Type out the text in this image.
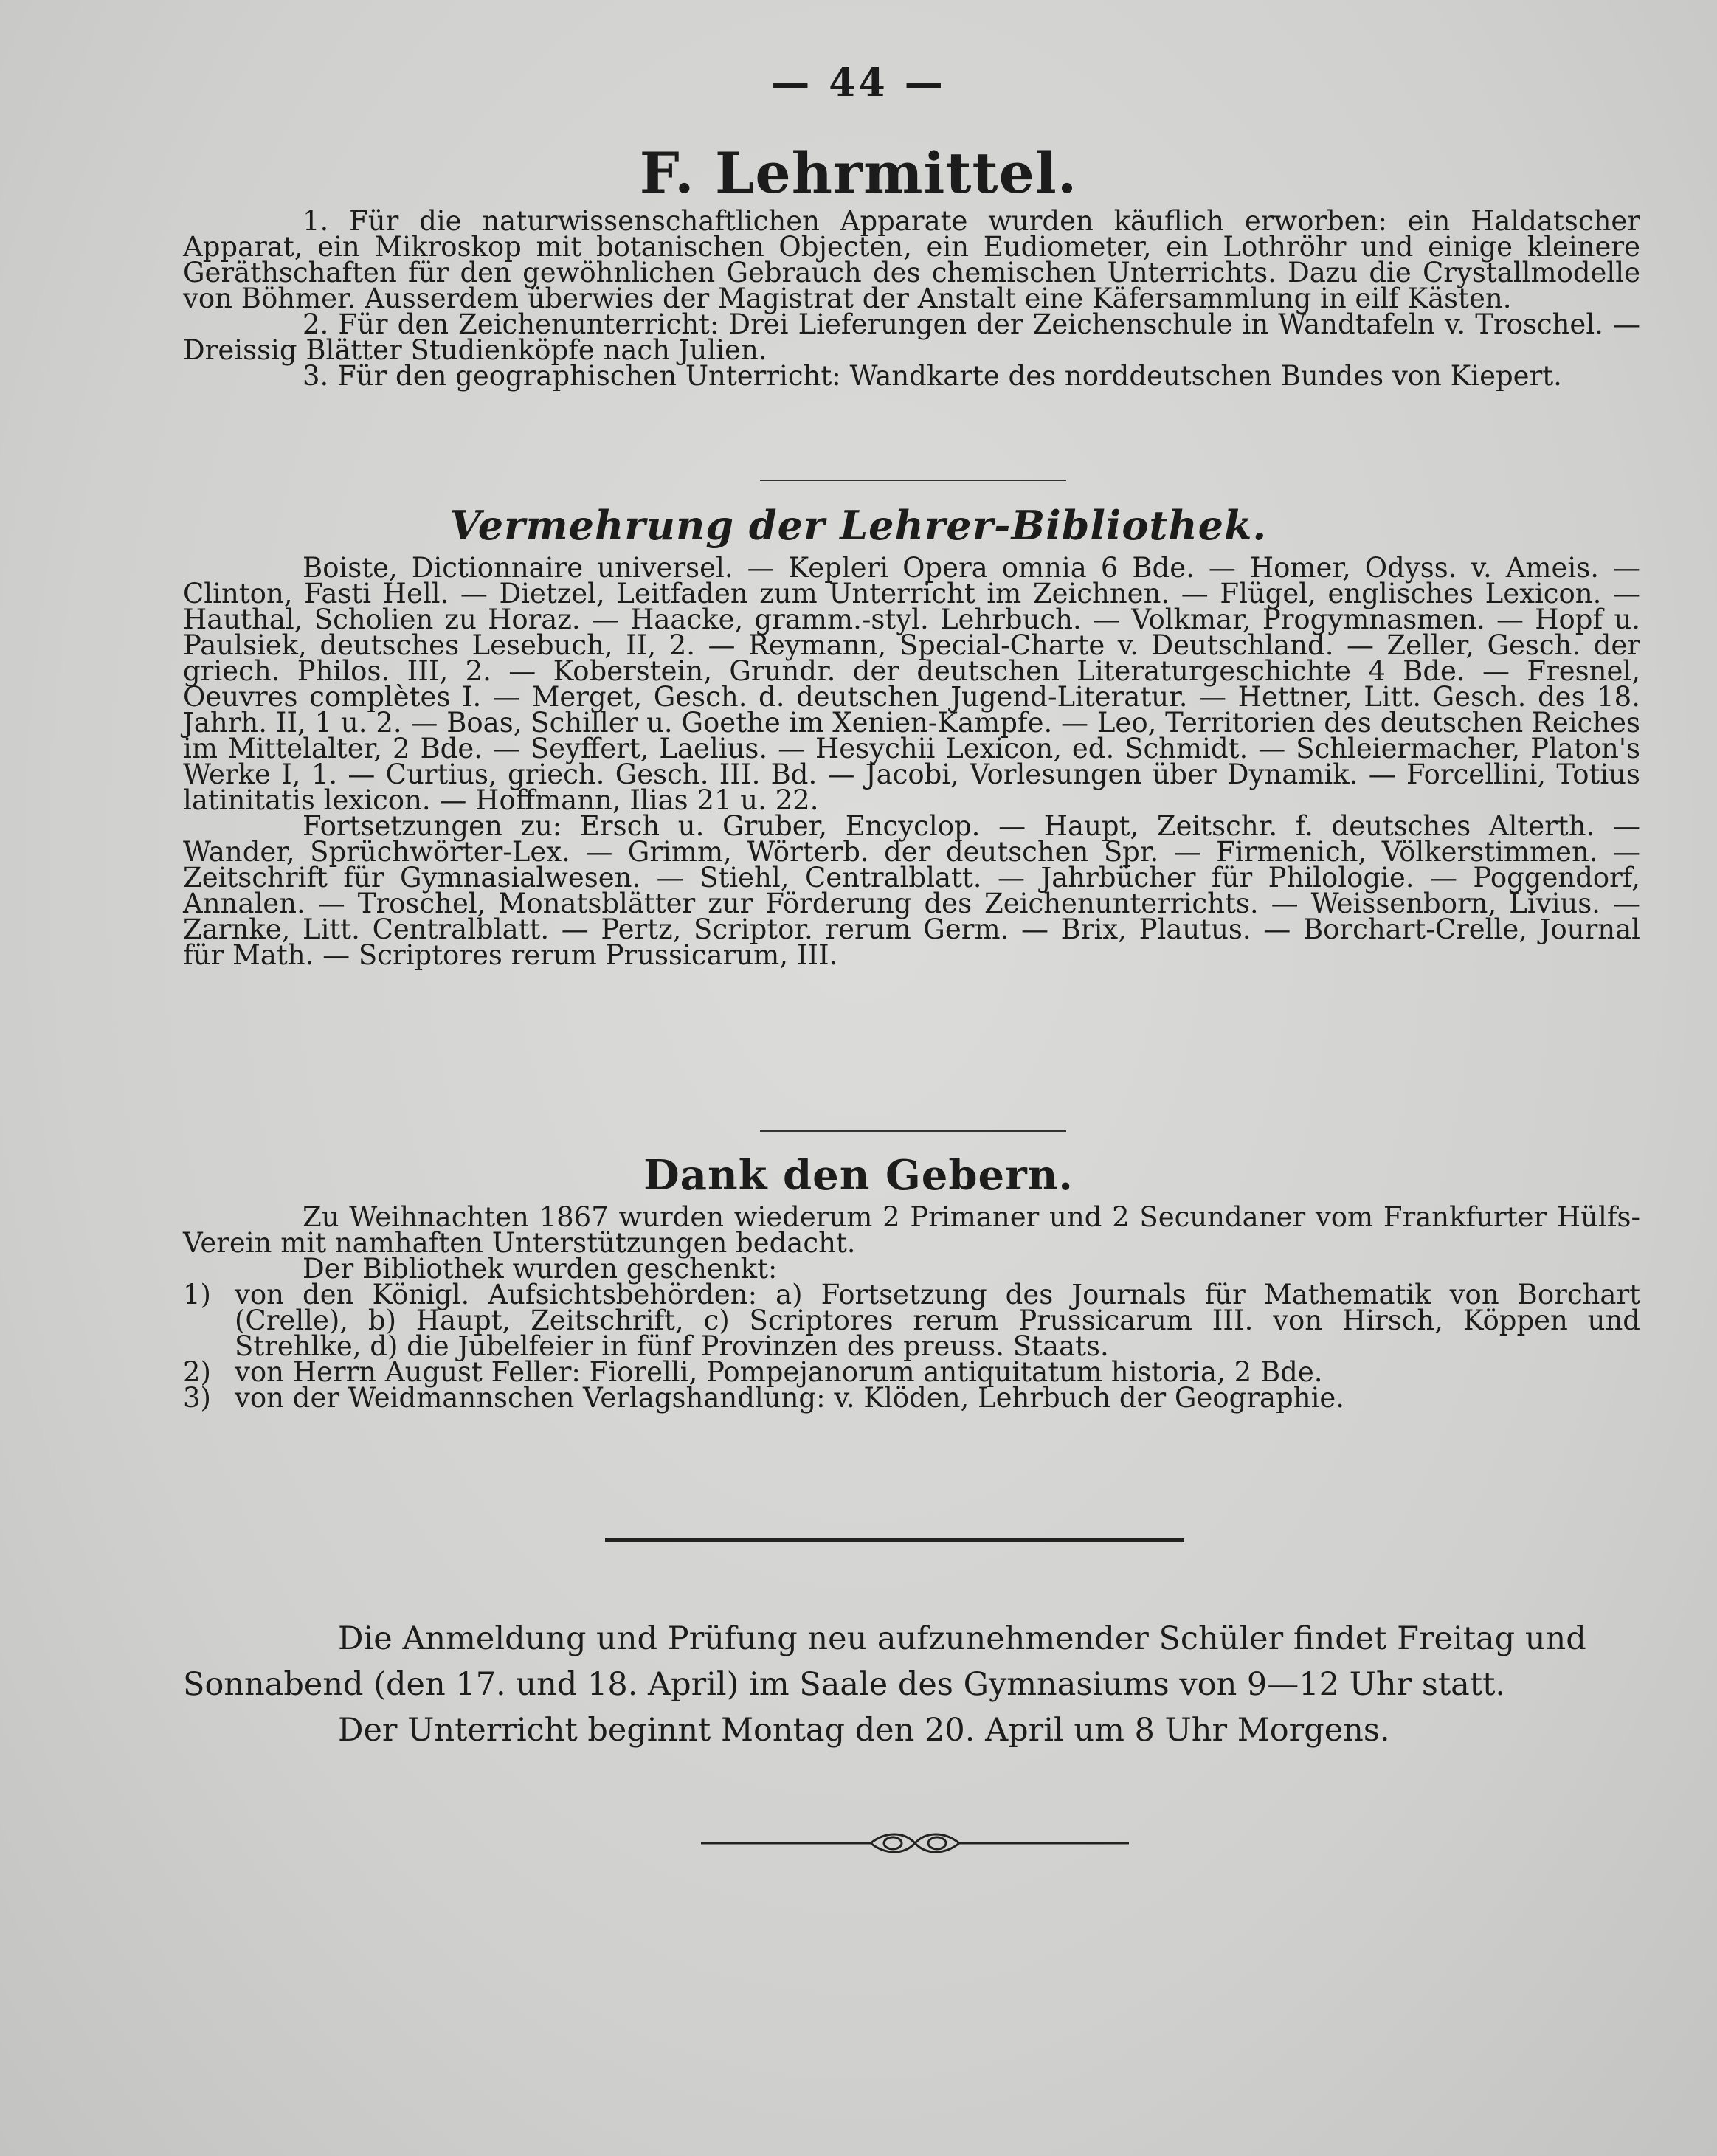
— 44 —
F. Lehrmittel.

1. Für die naturwissenschaftlichen Apparate wurden käuflich erworben: ein Haldatscher Apparat, ein Mikroskop mit botanischen Objecten, ein Eudiometer, ein Lothröhr und einige kleinere Geräthschaften für den gewöhnlichen Gebrauch des chemischen Unterrichts. Dazu die Crystallmodelle von Böhmer. Ausserdem überwies der Magistrat der Anstalt eine Käfersammlung in eilf Kästen.

2. Für den Zeichenunterricht: Drei Lieferungen der Zeichenschule in Wandtafeln v. Troschel. — Dreissig Blätter Studienköpfe nach Julien.

3. Für den geographischen Unterricht: Wandkarte des norddeutschen Bundes von Kiepert.

Vermehrung der Lehrer-Bibliothek.

Boiste, Dictionnaire universel. — Kepleri Opera omnia 6 Bde. — Homer, Odyss. v. Ameis. — Clinton, Fasti Hell. — Dietzel, Leitfaden zum Unterricht im Zeichnen. — Flügel, englisches Lexicon. — Hauthal, Scholien zu Horaz. — Haacke, gramm.-styl. Lehrbuch. — Volkmar, Progymnasmen. — Hopf u. Paulsiek, deutsches Lesebuch, II, 2. — Reymann, Special-Charte v. Deutschland. — Zeller, Gesch. der griech. Philos. III, 2. — Koberstein, Grundr. der deutschen Literaturgeschichte 4 Bde. — Fresnel, Oeuvres complètes I. — Merget, Gesch. d. deutschen Jugend-Literatur. — Hettner, Litt. Gesch. des 18. Jahrh. II, 1 u. 2. — Boas, Schiller u. Goethe im Xenien-Kampfe. — Leo, Territorien des deutschen Reiches im Mittelalter, 2 Bde. — Seyffert, Laelius. — Hesychii Lexicon, ed. Schmidt. — Schleiermacher, Platon's Werke I, 1. — Curtius, griech. Gesch. III. Bd. — Jacobi, Vorlesungen über Dynamik. — Forcellini, Totius latinitatis lexicon. — Hoffmann, Ilias 21 u. 22.

Fortsetzungen zu: Ersch u. Gruber, Encyclop. — Haupt, Zeitschr. f. deutsches Alterth. — Wander, Sprüchwörter-Lex. — Grimm, Wörterb. der deutschen Spr. — Firmenich, Völkerstimmen. — Zeitschrift für Gymnasialwesen. — Stiehl, Centralblatt. — Jahrbücher für Philologie. — Poggendorf, Annalen. — Troschel, Monatsblätter zur Förderung des Zeichenunterrichts. — Weissenborn, Livius. — Zarnke, Litt. Centralblatt. — Pertz, Scriptor. rerum Germ. — Brix, Plautus. — Borchart-Crelle, Journal für Math. — Scriptores rerum Prussicarum, III.

Dank den Gebern.

Zu Weihnachten 1867 wurden wiederum 2 Primaner und 2 Secundaner vom Frankfurter Hülfs-Verein mit namhaften Unterstützungen bedacht.

Der Bibliothek wurden geschenkt:

1) von den Königl. Aufsichtsbehörden: a) Fortsetzung des Journals für Mathematik von Borchart (Crelle), b) Haupt, Zeitschrift, c) Scriptores rerum Prussicarum III. von Hirsch, Köppen und Strehlke, d) die Jubelfeier in fünf Provinzen des preuss. Staats.

2) von Herrn August Feller: Fiorelli, Pompejanorum antiquitatum historia, 2 Bde.

3) von der Weidmannschen Verlagshandlung: v. Klöden, Lehrbuch der Geographie.

Die Anmeldung und Prüfung neu aufzunehmender Schüler findet Freitag und Sonnabend (den 17. und 18. April) im Saale des Gymnasiums von 9—12 Uhr statt.

Der Unterricht beginnt Montag den 20. April um 8 Uhr Morgens.
